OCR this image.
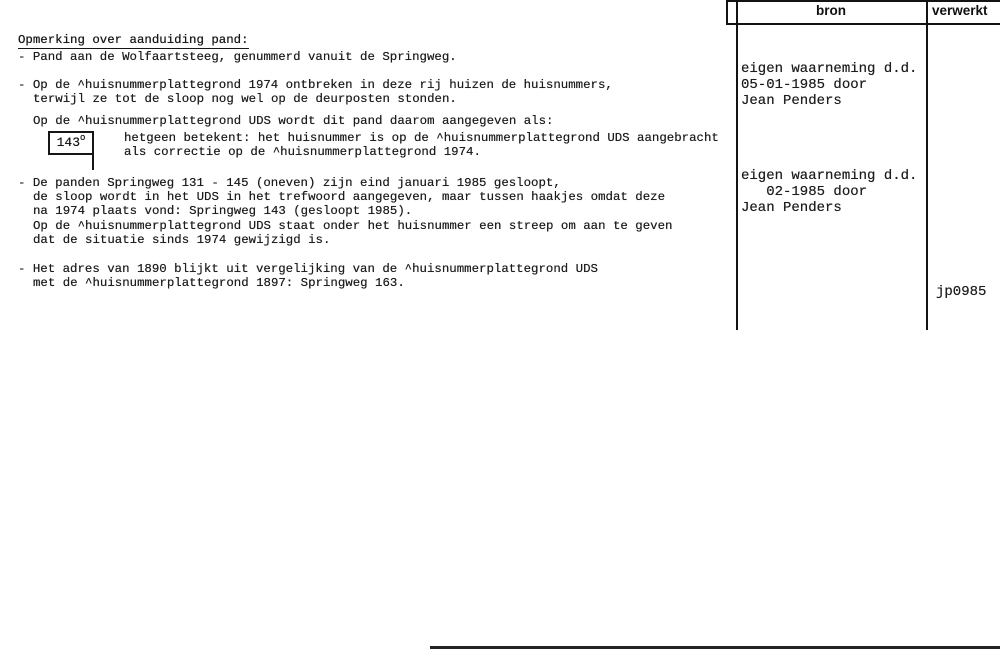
Opmerking over aanduiding pand:
- Pand aan de Wolfaartsteeg, genummerd vanuit de Springweg.
- Op de ^huisnummerplattegrond 1974 ontbreken in deze rij huizen de huisnummers,
terwijl ze tot de sloop nog wel op de deurposten stonden.
Op de ^huisnummerplattegrond UDS wordt dit pand daarom aangegeven als:
143$^o$	hetgeen betekent: het huisnummer is op de ^huisnummerplattegrond UDS aangebracht
als correctie op de ^huisnummerplattegrond 1974.
- De panden Springweg 131 - 145 (oneven) zijn eind januari 1985 gesloopt,
de sloop wordt in het UDS in het trefwoord aangegeven, maar tussen haakjes omdat deze
na 1974 plaats vond: Springweg 143 (gesloopt 1985).
Op de ^huisnummerplattegrond UDS staat onder het huisnummer een streep om aan te geven
dat de situatie sinds 1974 gewijzigd is.
- Het adres van 1890 blijkt uit vergelijking van de ^huisnummerplattegrond UDS
met de ^huisnummerplattegrond 1897: Springweg 163.
bron	verwerkt
eigen waarneming d.d.
05-01-1985 door
Jean Penders
eigen waarneming d.d.
02-1985 door
Jean Penders
jp0985
